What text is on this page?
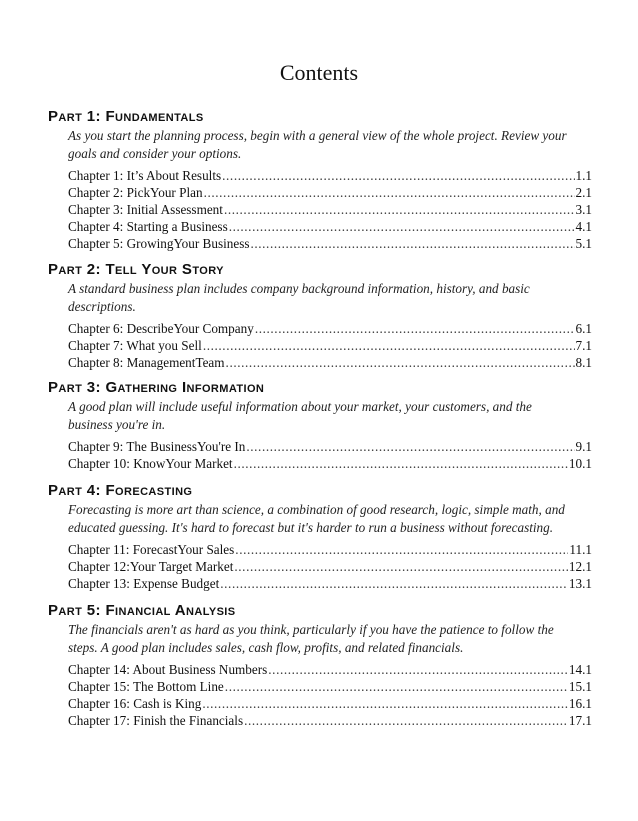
Contents
Part 1: Fundamentals
As you start the planning process, begin with a general view of the whole project. Review your goals and consider your options.
Chapter 1: It’s About Results .....	1.1
Chapter 2: PickYour Plan .....	2.1
Chapter 3: Initial Assessment .....	3.1
Chapter 4: Starting a Business .....	4.1
Chapter 5: GrowingYour Business .....	5.1
Part 2: Tell Your Story
A standard business plan includes company background information, history, and basic descriptions.
Chapter 6: DescribeYour Company .....	6.1
Chapter 7: What you Sell .....	7.1
Chapter 8: ManagementTeam .....	8.1
Part 3: Gathering Information
A good plan will include useful information about your market, your customers, and the business you're in.
Chapter 9: The BusinessYou're In .....	9.1
Chapter 10: KnowYour Market .....	10.1
Part 4: Forecasting
Forecasting is more art than science, a combination of good research, logic, simple math, and educated guessing. It's hard to forecast but it's harder to run a business without forecasting.
Chapter 11: ForecastYour Sales .....	11.1
Chapter 12:Your Target Market .....	12.1
Chapter 13: Expense Budget .....	13.1
Part 5: Financial Analysis
The financials aren't as hard as you think, particularly if you have the patience to follow the steps. A good plan includes sales, cash flow, profits, and related financials.
Chapter 14: About Business Numbers .....	14.1
Chapter 15: The Bottom Line .....	15.1
Chapter 16: Cash is King .....	16.1
Chapter 17: Finish the Financials .....	17.1
